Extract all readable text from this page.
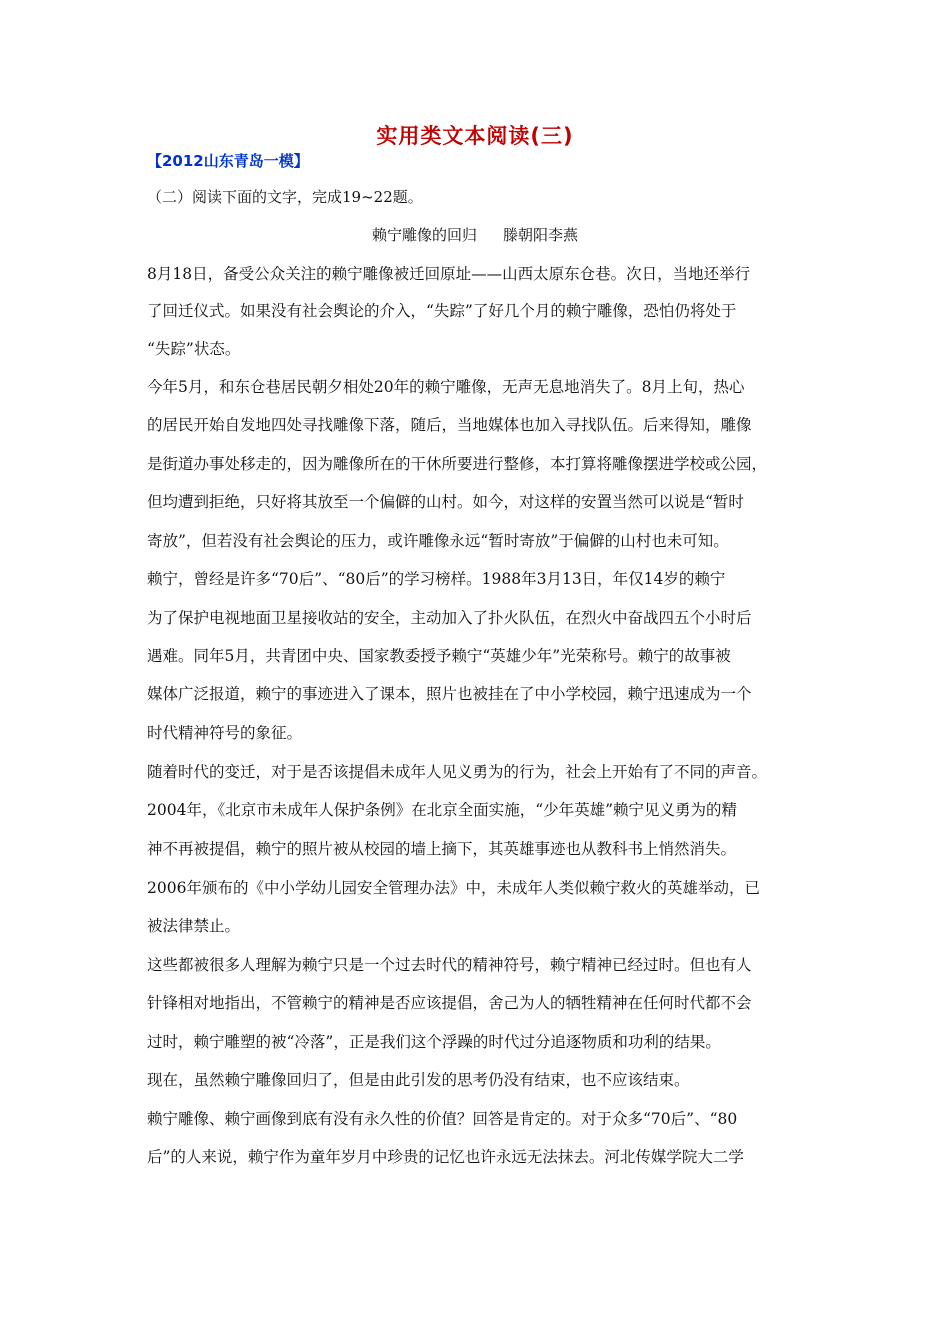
实用类文本阅读(三)
【2012山东青岛一模】
（二）阅读下面的文字，完成19~22题。
赖宁雕像的回归 滕朝阳李燕
8月18日，备受公众关注的赖宁雕像被迁回原址——山西太原东仓巷。次日，当地还举行
了回迁仪式。如果没有社会舆论的介入，“失踪”了好几个月的赖宁雕像，恐怕仍将处于
“失踪”状态。
今年5月，和东仓巷居民朝夕相处20年的赖宁雕像，无声无息地消失了。8月上旬，热心
的居民开始自发地四处寻找雕像下落，随后，当地媒体也加入寻找队伍。后来得知，雕像
是街道办事处移走的，因为雕像所在的干休所要进行整修，本打算将雕像摆进学校或公园，
但均遭到拒绝，只好将其放至一个偏僻的山村。如今，对这样的安置当然可以说是“暂时
寄放”，但若没有社会舆论的压力，或许雕像永远“暂时寄放”于偏僻的山村也未可知。
赖宁，曾经是许多“70后”、“80后”的学习榜样。1988年3月13日，年仅14岁的赖宁
为了保护电视地面卫星接收站的安全，主动加入了扑火队伍，在烈火中奋战四五个小时后
遇难。同年5月，共青团中央、国家教委授予赖宁“英雄少年”光荣称号。赖宁的故事被
媒体广泛报道，赖宁的事迹进入了课本，照片也被挂在了中小学校园，赖宁迅速成为一个
时代精神符号的象征。
随着时代的变迁，对于是否该提倡未成年人见义勇为的行为，社会上开始有了不同的声音。
2004年，《北京市未成年人保护条例》在北京全面实施，“少年英雄”赖宁见义勇为的精
神不再被提倡，赖宁的照片被从校园的墙上摘下，其英雄事迹也从教科书上悄然消失。
2006年颁布的《中小学幼儿园安全管理办法》中，未成年人类似赖宁救火的英雄举动，已
被法律禁止。
这些都被很多人理解为赖宁只是一个过去时代的精神符号，赖宁精神已经过时。但也有人
针锋相对地指出，不管赖宁的精神是否应该提倡，舍己为人的牺牲精神在任何时代都不会
过时，赖宁雕塑的被“冷落”，正是我们这个浮躁的时代过分追逐物质和功利的结果。
现在，虽然赖宁雕像回归了，但是由此引发的思考仍没有结束，也不应该结束。
赖宁雕像、赖宁画像到底有没有永久性的价值？回答是肯定的。对于众多“70后”、“80
后”的人来说，赖宁作为童年岁月中珍贵的记忆也许永远无法抹去。河北传媒学院大二学
